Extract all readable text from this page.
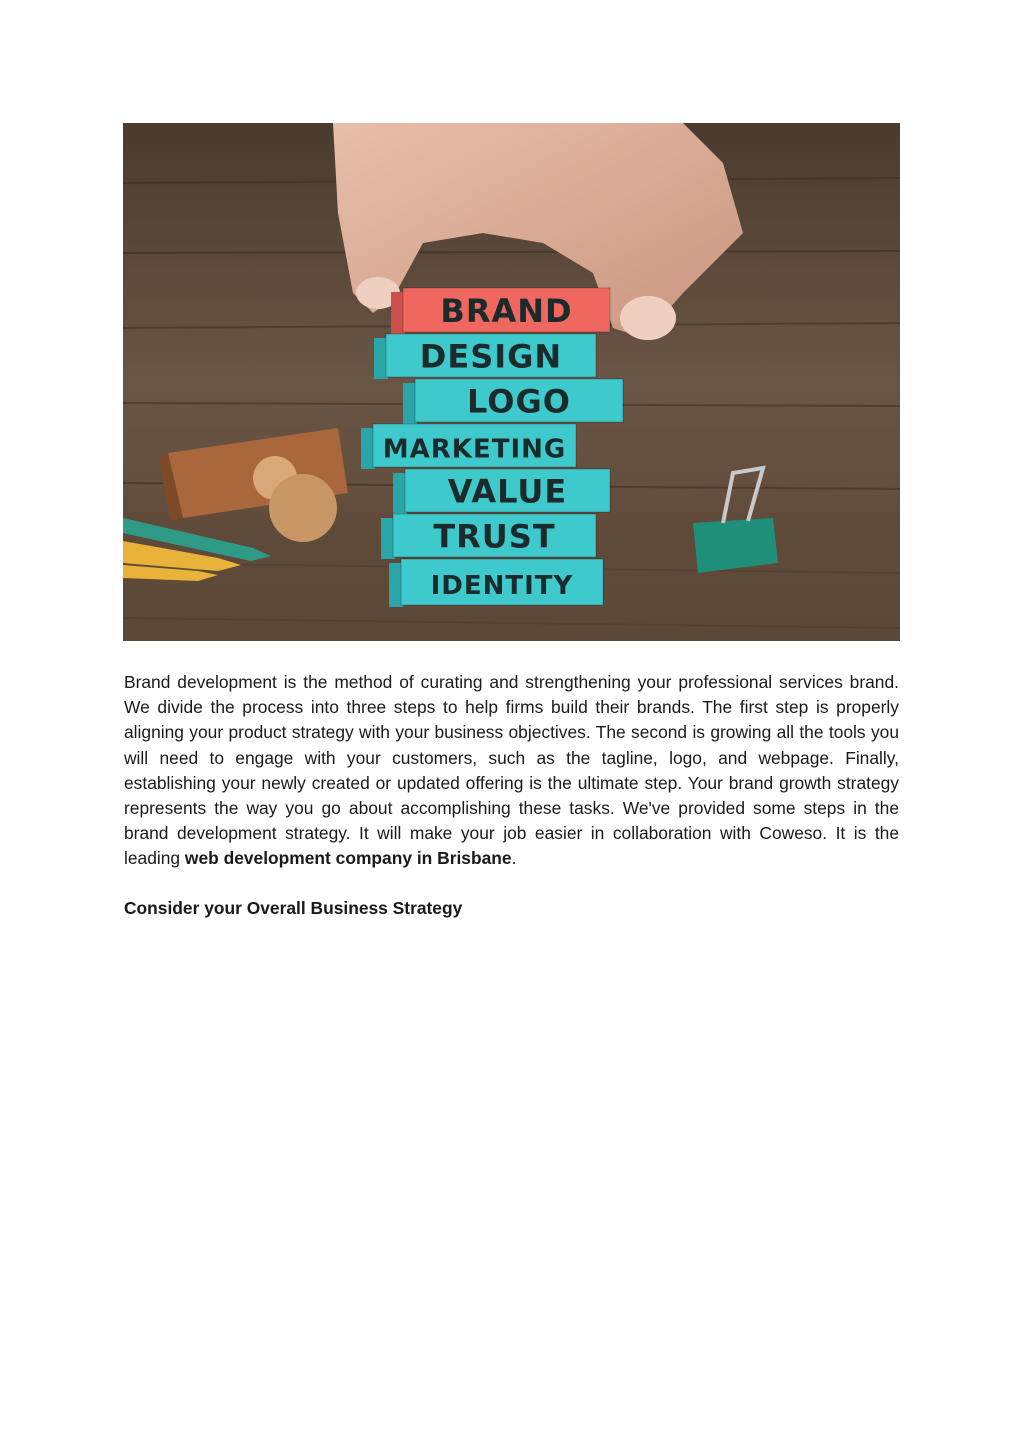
BRAND
DESIGN
LOGO
MARKETING
VALUE
TRUST
IDENTITY
Brand development is the method of curating and strengthening your professional services brand. We divide the process into three steps to help firms build their brands. The first step is properly aligning your product strategy with your business objectives. The second is growing all the tools you will need to engage with your customers, such as the tagline, logo, and webpage. Finally, establishing your newly created or updated offering is the ultimate step. Your brand growth strategy represents the way you go about accomplishing these tasks. We've provided some steps in the brand development strategy. It will make your job easier in collaboration with Coweso. It is the leading web development company in Brisbane.
Consider your Overall Business Strategy
